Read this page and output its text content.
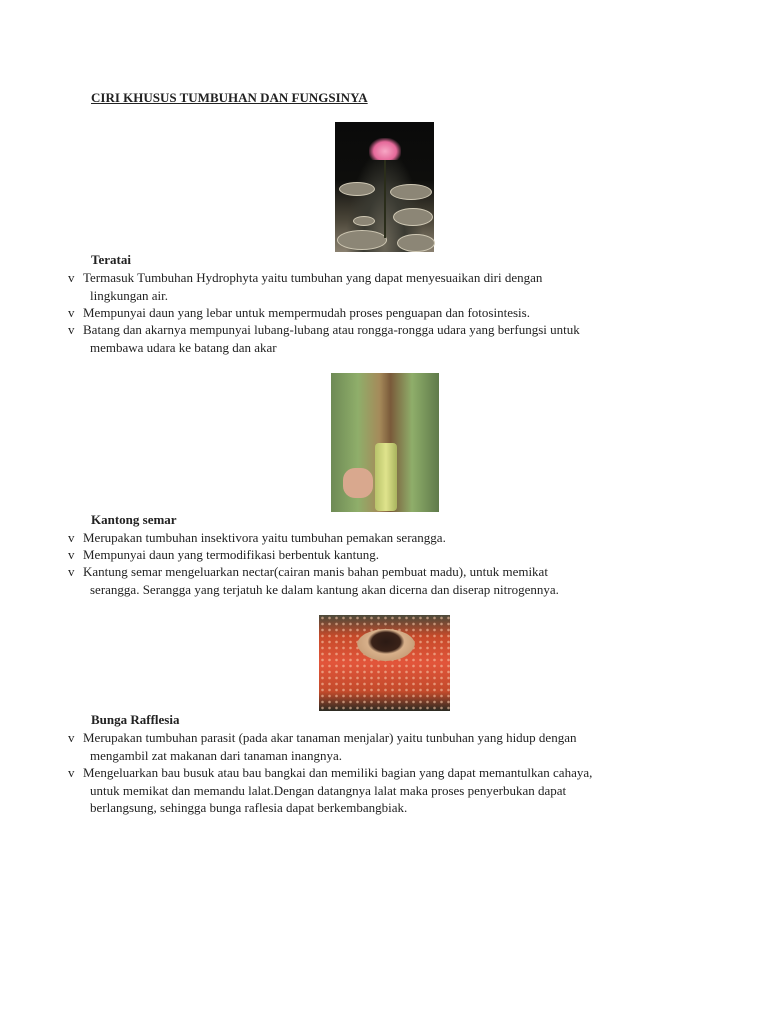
CIRI KHUSUS TUMBUHAN DAN FUNGSINYA
Teratai
v Termasuk Tumbuhan Hydrophyta yaitu tumbuhan yang dapat menyesuaikan diri dengan
lingkungan air.
v Mempunyai daun yang lebar untuk mempermudah proses penguapan dan fotosintesis.
v Batang dan akarnya mempunyai lubang-lubang atau rongga-rongga udara yang berfungsi untuk
membawa udara ke batang dan akar
Kantong semar
v Merupakan tumbuhan insektivora yaitu tumbuhan pemakan serangga.
v Mempunyai daun yang termodifikasi berbentuk kantung.
v Kantung semar mengeluarkan nectar(cairan manis bahan pembuat madu), untuk memikat
serangga. Serangga yang terjatuh ke dalam kantung akan dicerna dan diserap nitrogennya.
Bunga Rafflesia
v Merupakan tumbuhan parasit (pada akar tanaman menjalar) yaitu tunbuhan yang hidup dengan
mengambil zat makanan dari tanaman inangnya.
v Mengeluarkan bau busuk atau bau bangkai dan memiliki bagian yang dapat memantulkan cahaya,
untuk memikat dan memandu lalat.Dengan datangnya lalat maka proses penyerbukan dapat
berlangsung, sehingga bunga raflesia dapat berkembangbiak.
